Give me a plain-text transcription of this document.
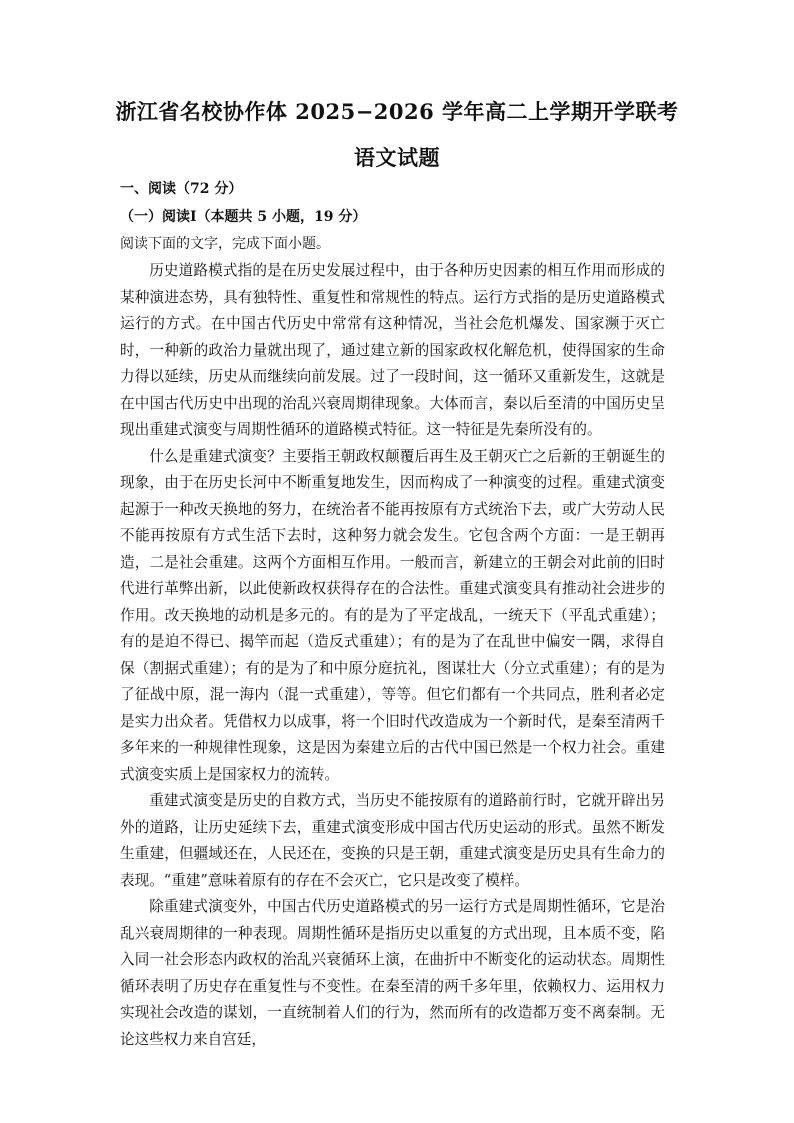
浙江省名校协作体 2025−2026 学年高二上学期开学联考
语文试题
一、阅读（72 分）
（一）阅读Ⅰ（本题共 5 小题，19 分）
阅读下面的文字，完成下面小题。

历史道路模式指的是在历史发展过程中，由于各种历史因素的相互作用而形成的某种演进态势，具有独特性、重复性和常规性的特点。运行方式指的是历史道路模式运行的方式。在中国古代历史中常常有这种情况，当社会危机爆发、国家濒于灭亡时，一种新的政治力量就出现了，通过建立新的国家政权化解危机，使得国家的生命力得以延续，历史从而继续向前发展。过了一段时间，这一循环又重新发生，这就是在中国古代历史中出现的治乱兴衰周期律现象。大体而言，秦以后至清的中国历史呈现出重建式演变与周期性循环的道路模式特征。这一特征是先秦所没有的。

什么是重建式演变？主要指王朝政权颠覆后再生及王朝灭亡之后新的王朝诞生的现象，由于在历史长河中不断重复地发生，因而构成了一种演变的过程。重建式演变起源于一种改天换地的努力，在统治者不能再按原有方式统治下去，或广大劳动人民不能再按原有方式生活下去时，这种努力就会发生。它包含两个方面：一是王朝再造，二是社会重建。这两个方面相互作用。一般而言，新建立的王朝会对此前的旧时代进行革弊出新，以此使新政权获得存在的合法性。重建式演变具有推动社会进步的作用。改天换地的动机是多元的。有的是为了平定战乱，一统天下（平乱式重建）；有的是迫不得已、揭竿而起（造反式重建）；有的是为了在乱世中偏安一隅，求得自保（割据式重建）；有的是为了和中原分庭抗礼，图谋壮大（分立式重建）；有的是为了征战中原，混一海内（混一式重建），等等。但它们都有一个共同点，胜利者必定是实力出众者。凭借权力以成事，将一个旧时代改造成为一个新时代，是秦至清两千多年来的一种规律性现象，这是因为秦建立后的古代中国已然是一个权力社会。重建式演变实质上是国家权力的流转。

重建式演变是历史的自救方式，当历史不能按原有的道路前行时，它就开辟出另外的道路，让历史延续下去，重建式演变形成中国古代历史运动的形式。虽然不断发生重建，但疆域还在，人民还在，变换的只是王朝，重建式演变是历史具有生命力的表现。“重建”意味着原有的存在不会灭亡，它只是改变了模样。

除重建式演变外，中国古代历史道路模式的另一运行方式是周期性循环，它是治乱兴衰周期律的一种表现。周期性循环是指历史以重复的方式出现，且本质不变，陷入同一社会形态内政权的治乱兴衰循环上演，在曲折中不断变化的运动状态。周期性循环表明了历史存在重复性与不变性。在秦至清的两千多年里，依赖权力、运用权力实现社会改造的谋划，一直统制着人们的行为，然而所有的改造都万变不离秦制。无论这些权力来自宫廷，
